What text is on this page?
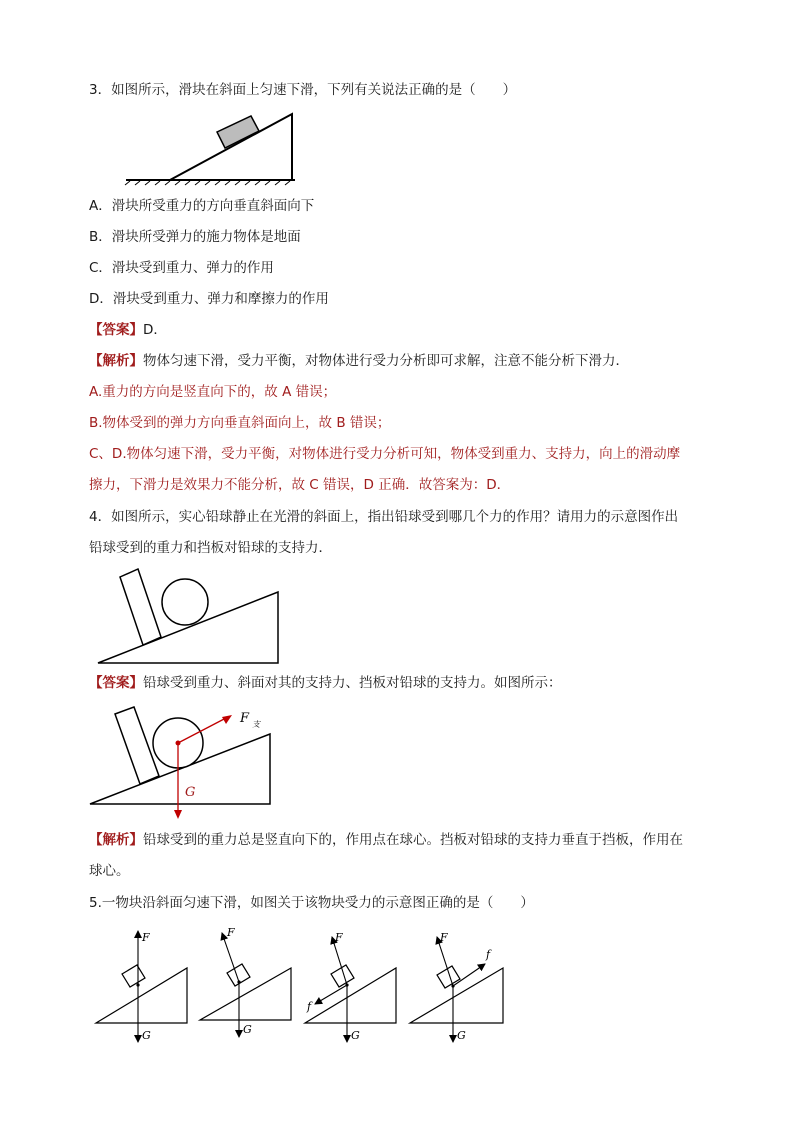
3．如图所示，滑块在斜面上匀速下滑，下列有关说法正确的是（　　）
A．滑块所受重力的方向垂直斜面向下
B．滑块所受弹力的施力物体是地面
C．滑块受到重力、弹力的作用
D．滑块受到重力、弹力和摩擦力的作用
【答案】D．
【解析】物体匀速下滑，受力平衡，对物体进行受力分析即可求解，注意不能分析下滑力．
A.重力的方向是竖直向下的，故 A 错误；
B.物体受到的弹力方向垂直斜面向上，故 B 错误；
C、D.物体匀速下滑，受力平衡，对物体进行受力分析可知，物体受到重力、支持力，向上的滑动摩
擦力，下滑力是效果力不能分析，故 C 错误，D 正确．故答案为：D．
4．如图所示，实心铅球静止在光滑的斜面上，指出铅球受到哪几个力的作用？请用力的示意图作出
铅球受到的重力和挡板对铅球的支持力．
【答案】铅球受到重力、斜面对其的支持力、挡板对铅球的支持力。如图所示：
F 支
G
【解析】铅球受到的重力总是竖直向下的，作用点在球心。挡板对铅球的支持力垂直于挡板，作用在
球心。
5.一物块沿斜面匀速下滑，如图关于该物块受力的示意图正确的是（　　）
F
G
F
G
F
f
G
F
f
G
